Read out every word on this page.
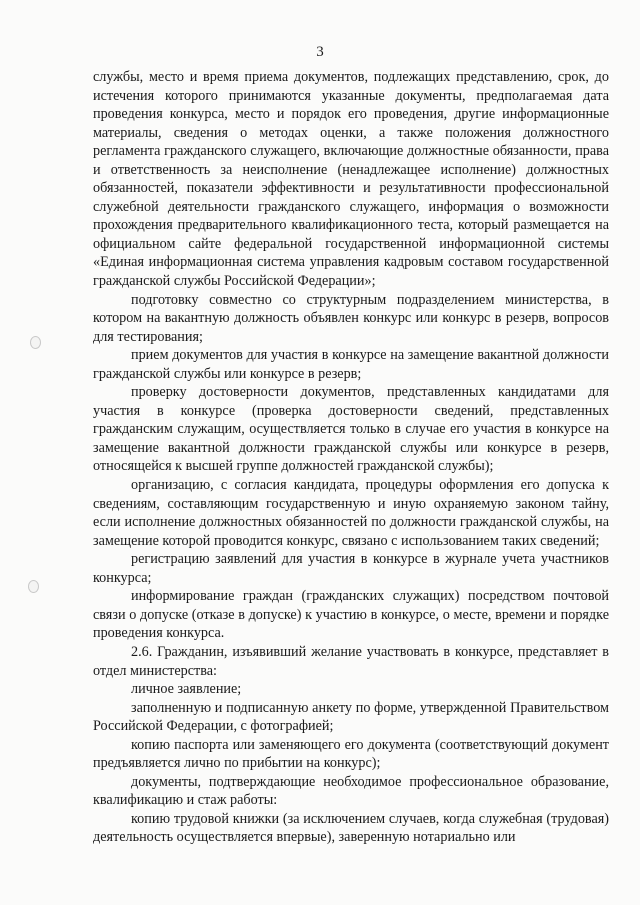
3

службы, место и время приема документов, подлежащих представлению, срок, до истечения которого принимаются указанные документы, предполагаемая дата проведения конкурса, место и порядок его проведения, другие информационные материалы, сведения о методах оценки, а также положения должностного регламента гражданского служащего, включающие должностные обязанности, права и ответственность за неисполнение (ненадлежащее исполнение) должностных обязанностей, показатели эффективности и результативности профессиональной служебной деятельности гражданского служащего, информация о возможности прохождения предварительного квалификационного теста, который размещается на официальном сайте федеральной государственной информационной системы «Единая информационная система управления кадровым составом государственной гражданской службы Российской Федерации»;

подготовку совместно со структурным подразделением министерства, в котором на вакантную должность объявлен конкурс или конкурс в резерв, вопросов для тестирования;

прием документов для участия в конкурсе на замещение вакантной должности гражданской службы или конкурсе в резерв;

проверку достоверности документов, представленных кандидатами для участия в конкурсе (проверка достоверности сведений, представленных гражданским служащим, осуществляется только в случае его участия в конкурсе на замещение вакантной должности гражданской службы или конкурсе в резерв, относящейся к высшей группе должностей гражданской службы);

организацию, с согласия кандидата, процедуры оформления его допуска к сведениям, составляющим государственную и иную охраняемую законом тайну, если исполнение должностных обязанностей по должности гражданской службы, на замещение которой проводится конкурс, связано с использованием таких сведений;

регистрацию заявлений для участия в конкурсе в журнале учета участников конкурса;

информирование граждан (гражданских служащих) посредством почтовой связи о допуске (отказе в допуске) к участию в конкурсе, о месте, времени и порядке проведения конкурса.

2.6. Гражданин, изъявивший желание участвовать в конкурсе, представляет в отдел министерства:

личное заявление;

заполненную и подписанную анкету по форме, утвержденной Правительством Российской Федерации, с фотографией;

копию паспорта или заменяющего его документа (соответствующий документ предъявляется лично по прибытии на конкурс);

документы, подтверждающие необходимое профессиональное образование, квалификацию и стаж работы:

копию трудовой книжки (за исключением случаев, когда служебная (трудовая) деятельность осуществляется впервые), заверенную нотариально или
